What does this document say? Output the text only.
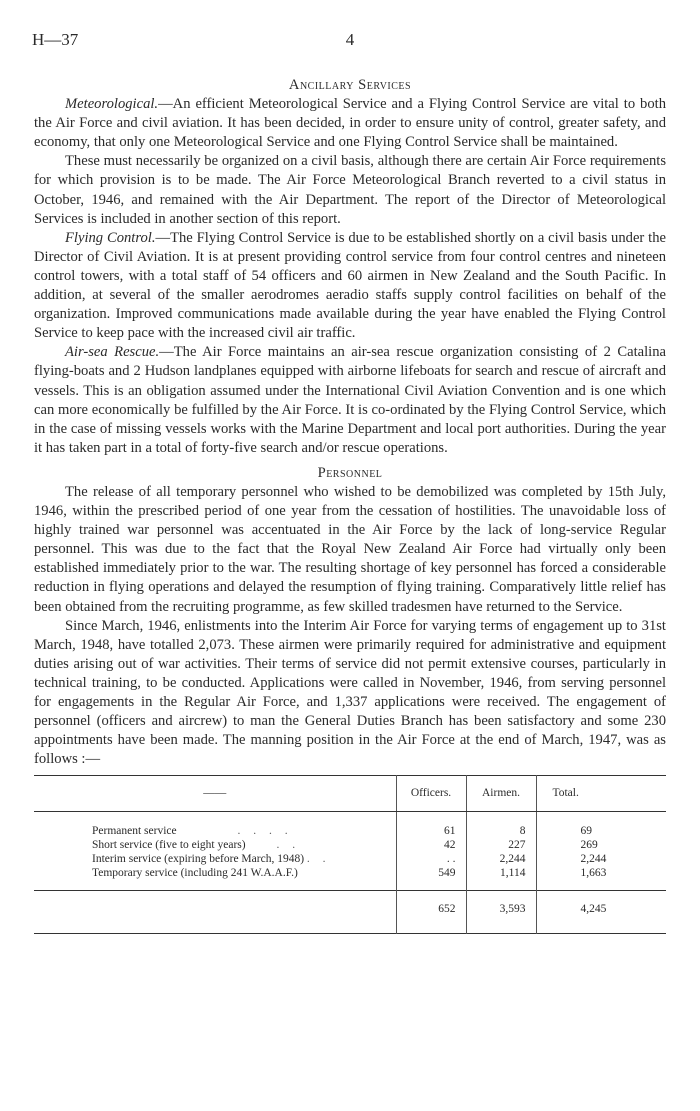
H—37	4
Ancillary Services

Meteorological.—An efficient Meteorological Service and a Flying Control Service are vital to both the Air Force and civil aviation. It has been decided, in order to ensure unity of control, greater safety, and economy, that only one Meteorological Service and one Flying Control Service shall be maintained.

These must necessarily be organized on a civil basis, although there are certain Air Force requirements for which provision is to be made. The Air Force Meteorological Branch reverted to a civil status in October, 1946, and remained with the Air Department. The report of the Director of Meteorological Services is included in another section of this report.

Flying Control.—The Flying Control Service is due to be established shortly on a civil basis under the Director of Civil Aviation. It is at present providing control service from four control centres and nineteen control towers, with a total staff of 54 officers and 60 airmen in New Zealand and the South Pacific. In addition, at several of the smaller aerodromes aeradio staffs supply control facilities on behalf of the organization. Improved communications made available during the year have enabled the Flying Control Service to keep pace with the increased civil air traffic.

Air-sea Rescue.—The Air Force maintains an air-sea rescue organization consisting of 2 Catalina flying-boats and 2 Hudson landplanes equipped with airborne lifeboats for search and rescue of aircraft and vessels. This is an obligation assumed under the International Civil Aviation Convention and is one which can more economically be fulfilled by the Air Force. It is co-ordinated by the Flying Control Service, which in the case of missing vessels works with the Marine Department and local port authorities. During the year it has taken part in a total of forty-five search and/or rescue operations.

Personnel

The release of all temporary personnel who wished to be demobilized was completed by 15th July, 1946, within the prescribed period of one year from the cessation of hostilities. The unavoidable loss of highly trained war personnel was accentuated in the Air Force by the lack of long-service Regular personnel. This was due to the fact that the Royal New Zealand Air Force had virtually only been established immediately prior to the war. The resulting shortage of key personnel has forced a considerable reduction in flying operations and delayed the resumption of flying training. Comparatively little relief has been obtained from the recruiting programme, as few skilled tradesmen have returned to the Service.

Since March, 1946, enlistments into the Interim Air Force for varying terms of engagement up to 31st March, 1948, have totalled 2,073. These airmen were primarily required for administrative and equipment duties arising out of war activities. Their terms of service did not permit extensive courses, particularly in technical training, to be conducted. Applications were called in November, 1946, from serving personnel for engagements in the Regular Air Force, and 1,337 applications were received. The engagement of personnel (officers and aircrew) to man the General Duties Branch has been satisfactory and some 230 appointments have been made. The manning position in the Air Force at the end of March, 1947, was as follows :—

——	Officers.	Airmen.	Total.
Permanent service . . . .	61	8	69
Short service (five to eight years) . .	42	227	269
Interim service (expiring before March, 1948) . .	. .	2,244	2,244
Temporary service (including 241 W.A.A.F.)	549	1,114	1,663
	652	3,593	4,245
